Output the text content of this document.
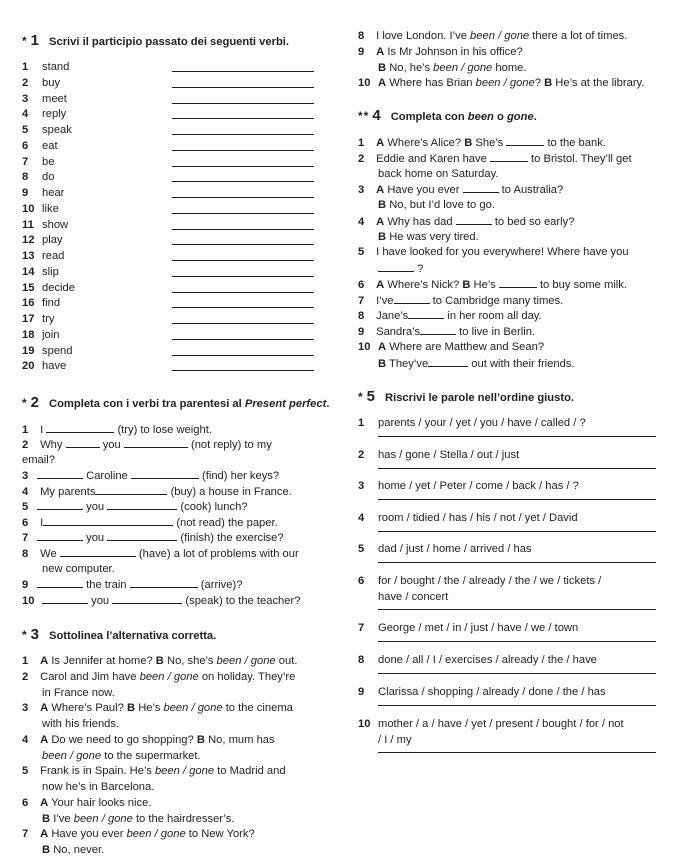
* 1 Scrivi il participio passato dei seguenti verbi.
1 stand
2 buy
3 meet
4 reply
5 speak
6 eat
7 be
8 do
9 hear
10 like
11 show
12 play
13 read
14 slip
15 decide
16 find
17 try
18 join
19 spend
20 have
* 2 Completa con i verbi tra parentesi al Present perfect.
1 I	(try) to lose weight.
2 Why	you	(not reply) to my
email?
3	Caroline	(find) her keys?
4 My parents	(buy) a house in France.
5	you	(cook) lunch?
6 I	(not read) the paper.
7	you	(finish) the exercise?
8 We	(have) a lot of problems with our
new computer.
9	the train	(arrive)?
10	you	(speak) to the teacher?
* 3 Sottolinea l’alternativa corretta.
1 A Is Jennifer at home? B No, she’s been / gone out.
2 Carol and Jim have been / gone on holiday. They’re
in France now.
3 A Where’s Paul? B He’s been / gone to the cinema
with his friends.
4 A Do we need to go shopping? B No, mum has
been / gone to the supermarket.
5 Frank is in Spain. He’s been / gone to Madrid and
now he’s in Barcelona.
6 A Your hair looks nice.
B I’ve been / gone to the hairdresser’s.
7 A Have you ever been / gone to New York?
B No, never.
8 I love London. I’ve been / gone there a lot of times.
9 A Is Mr Johnson in his office?
B No, he’s been / gone home.
10 A Where has Brian been / gone? B He’s at the library.
** 4 Completa con been o gone.
1 A Where’s Alice? B She’s	to the bank.
2 Eddie and Karen have	to Bristol. They’ll get
back home on Saturday.
3 A Have you ever	to Australia?
B No, but I’d love to go.
4 A Why has dad	to bed so early?
B He was very tired.
5 I have looked for you everywhere! Where have you
?
6 A Where’s Nick? B He’s	to buy some milk.
7 I’ve	to Cambridge many times.
8 Jane’s	in her room all day.
9 Sandra’s	to live in Berlin.
10 A Where are Matthew and Sean?
B They’ve	out with their friends.
* 5 Riscrivi le parole nell’ordine giusto.
1 parents / your / yet / you / have / called / ?
2 has / gone / Stella / out / just
3 home / yet / Peter / come / back / has / ?
4 room / tidied / has / his / not / yet / David
5 dad / just / home / arrived / has
6 for / bought / the / already / the / we / tickets /
have / concert
7 George / met / in / just / have / we / town
8 done / all / I / exercises / already / the / have
9 Clarissa / shopping / already / done / the / has
10 mother / a / have / yet / present / bought / for / not
/ I / my
